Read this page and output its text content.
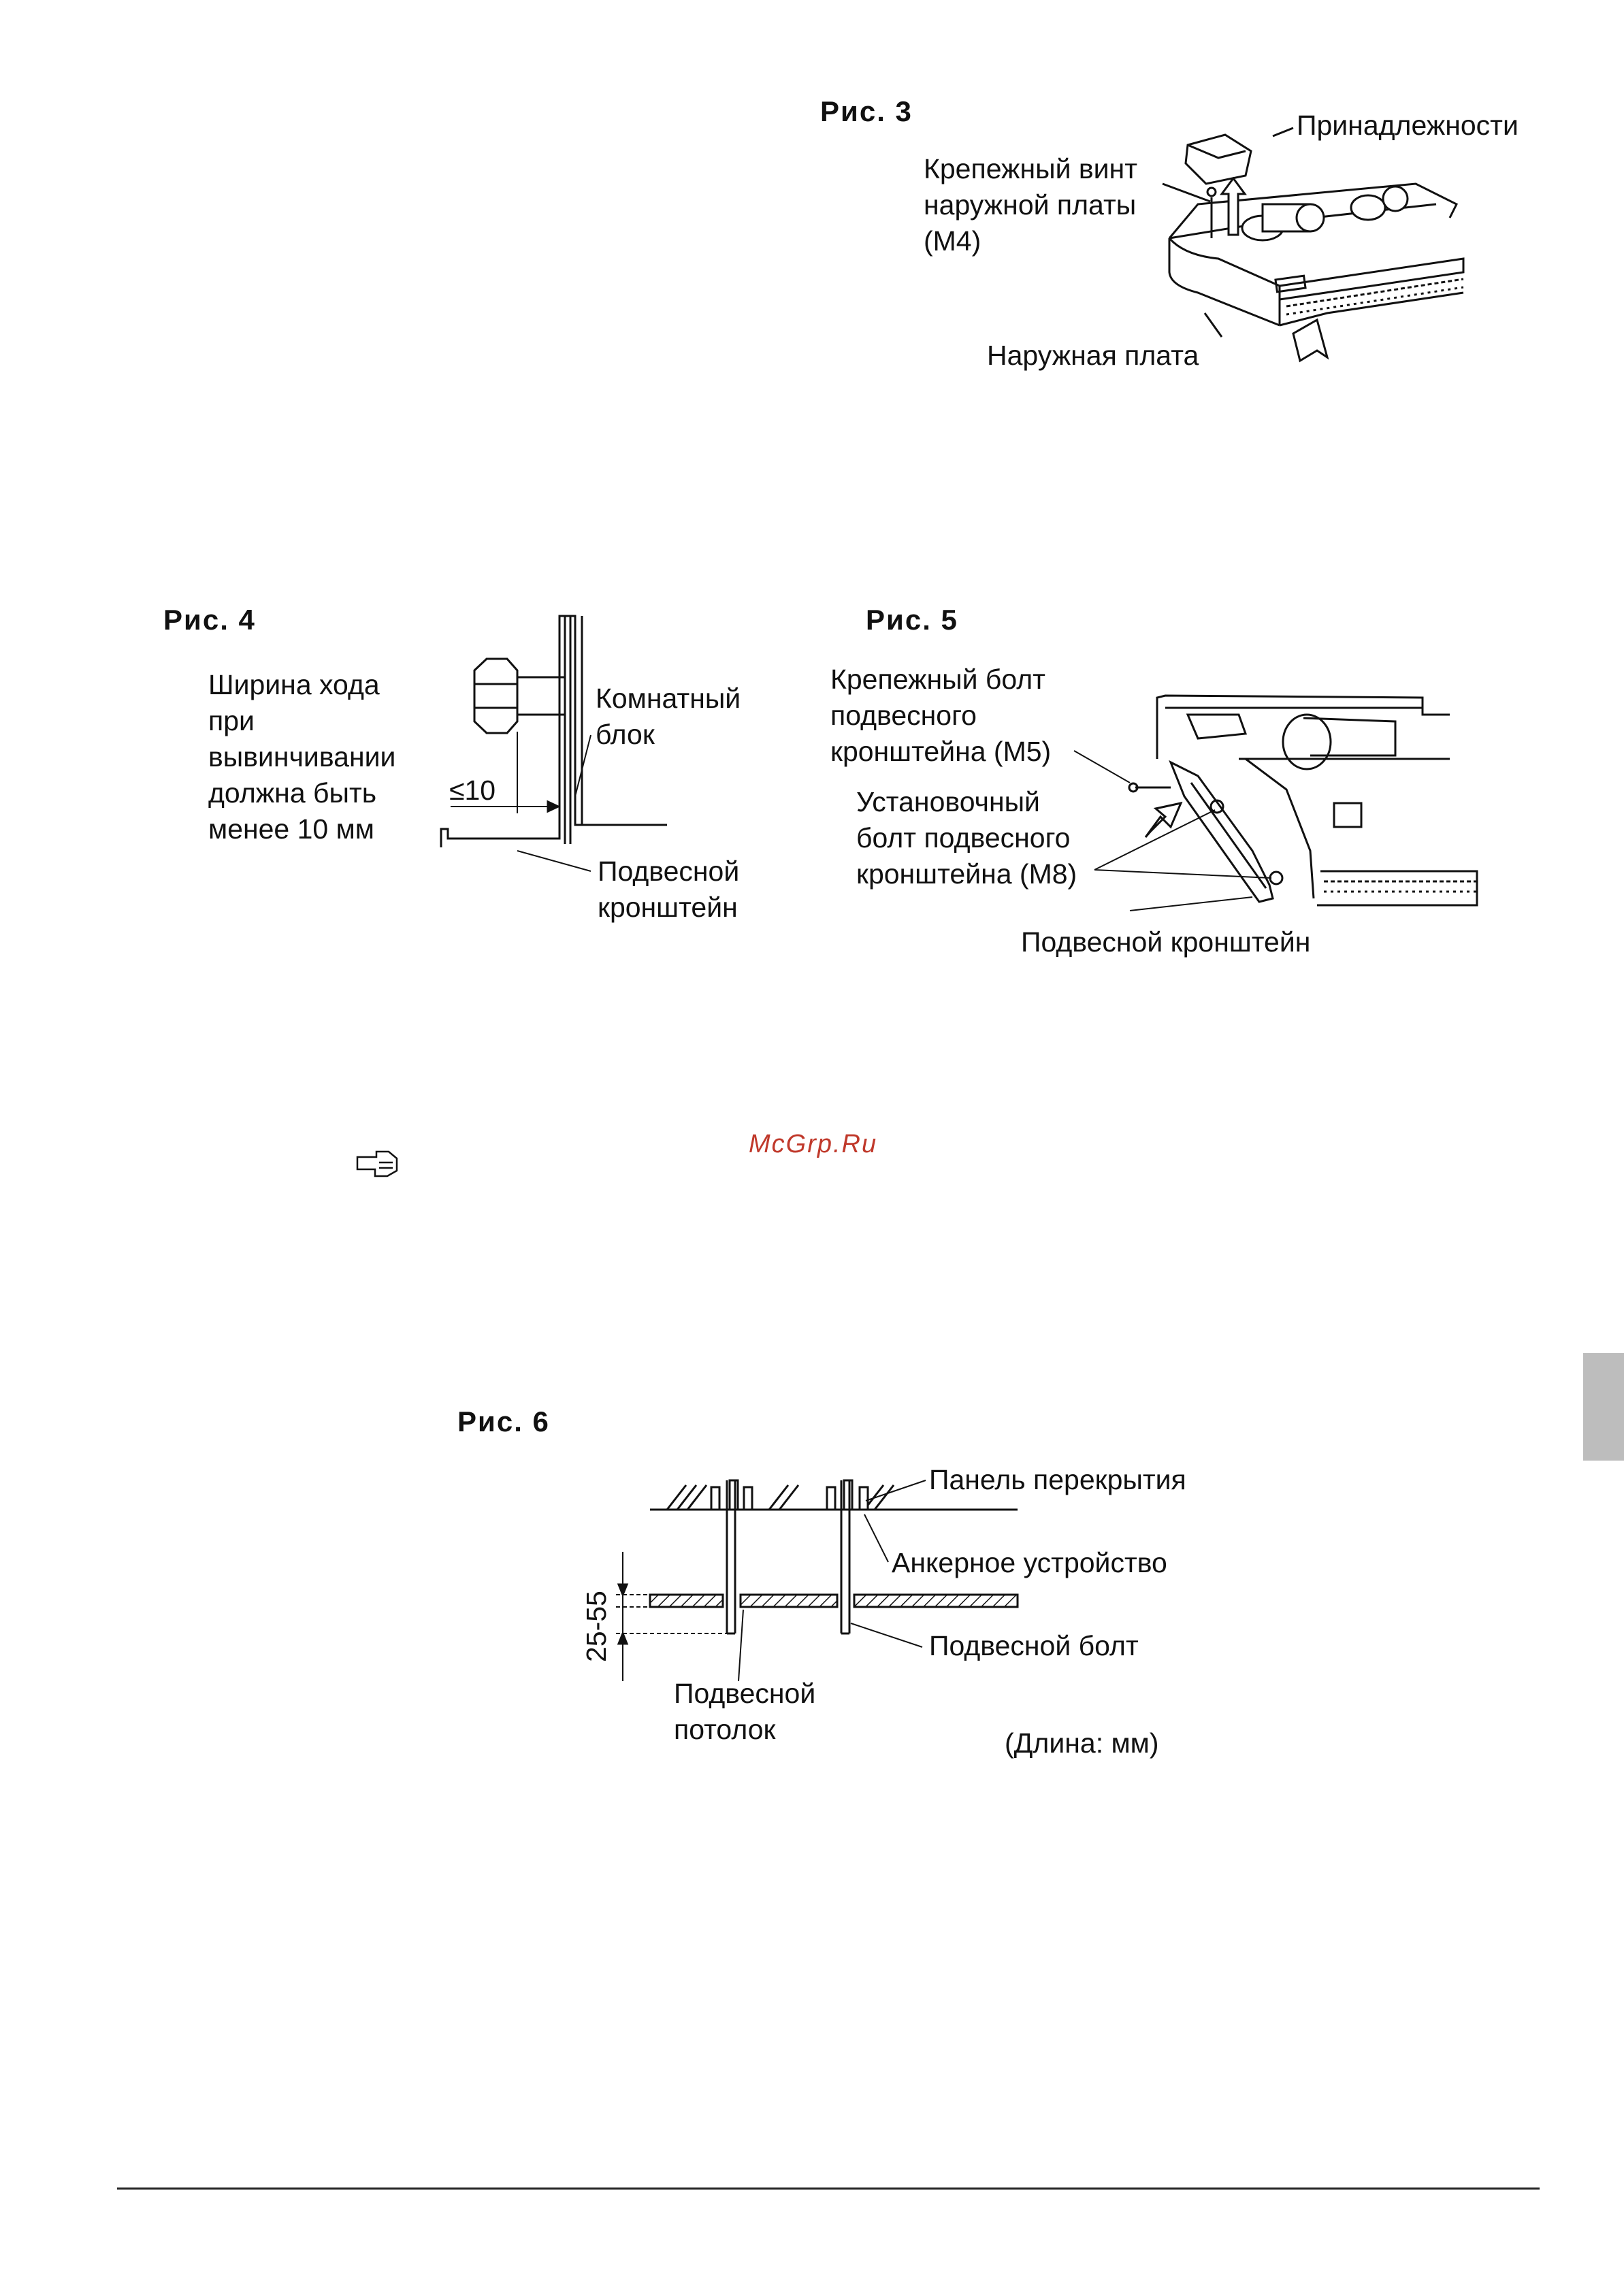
Рис. 3	Принадлежности
Крепежный винт
наружной платы
(М4)
Наружная плата
Рис. 4
Ширина хода
при
вывинчивании
должна быть
менее 10 мм
Комнатный
блок
≤10
Подвесной
кронштейн
Рис. 5
Крепежный болт
подвесного
кронштейна (М5)
Установочный
болт подвесного
кронштейна (М8)
Подвесной кронштейн
McGrp.Ru
Рис. 6
Панель перекрытия
Анкерное устройство
25-55	Подвесной болт
Подвесной
потолок	(Длина: мм)
